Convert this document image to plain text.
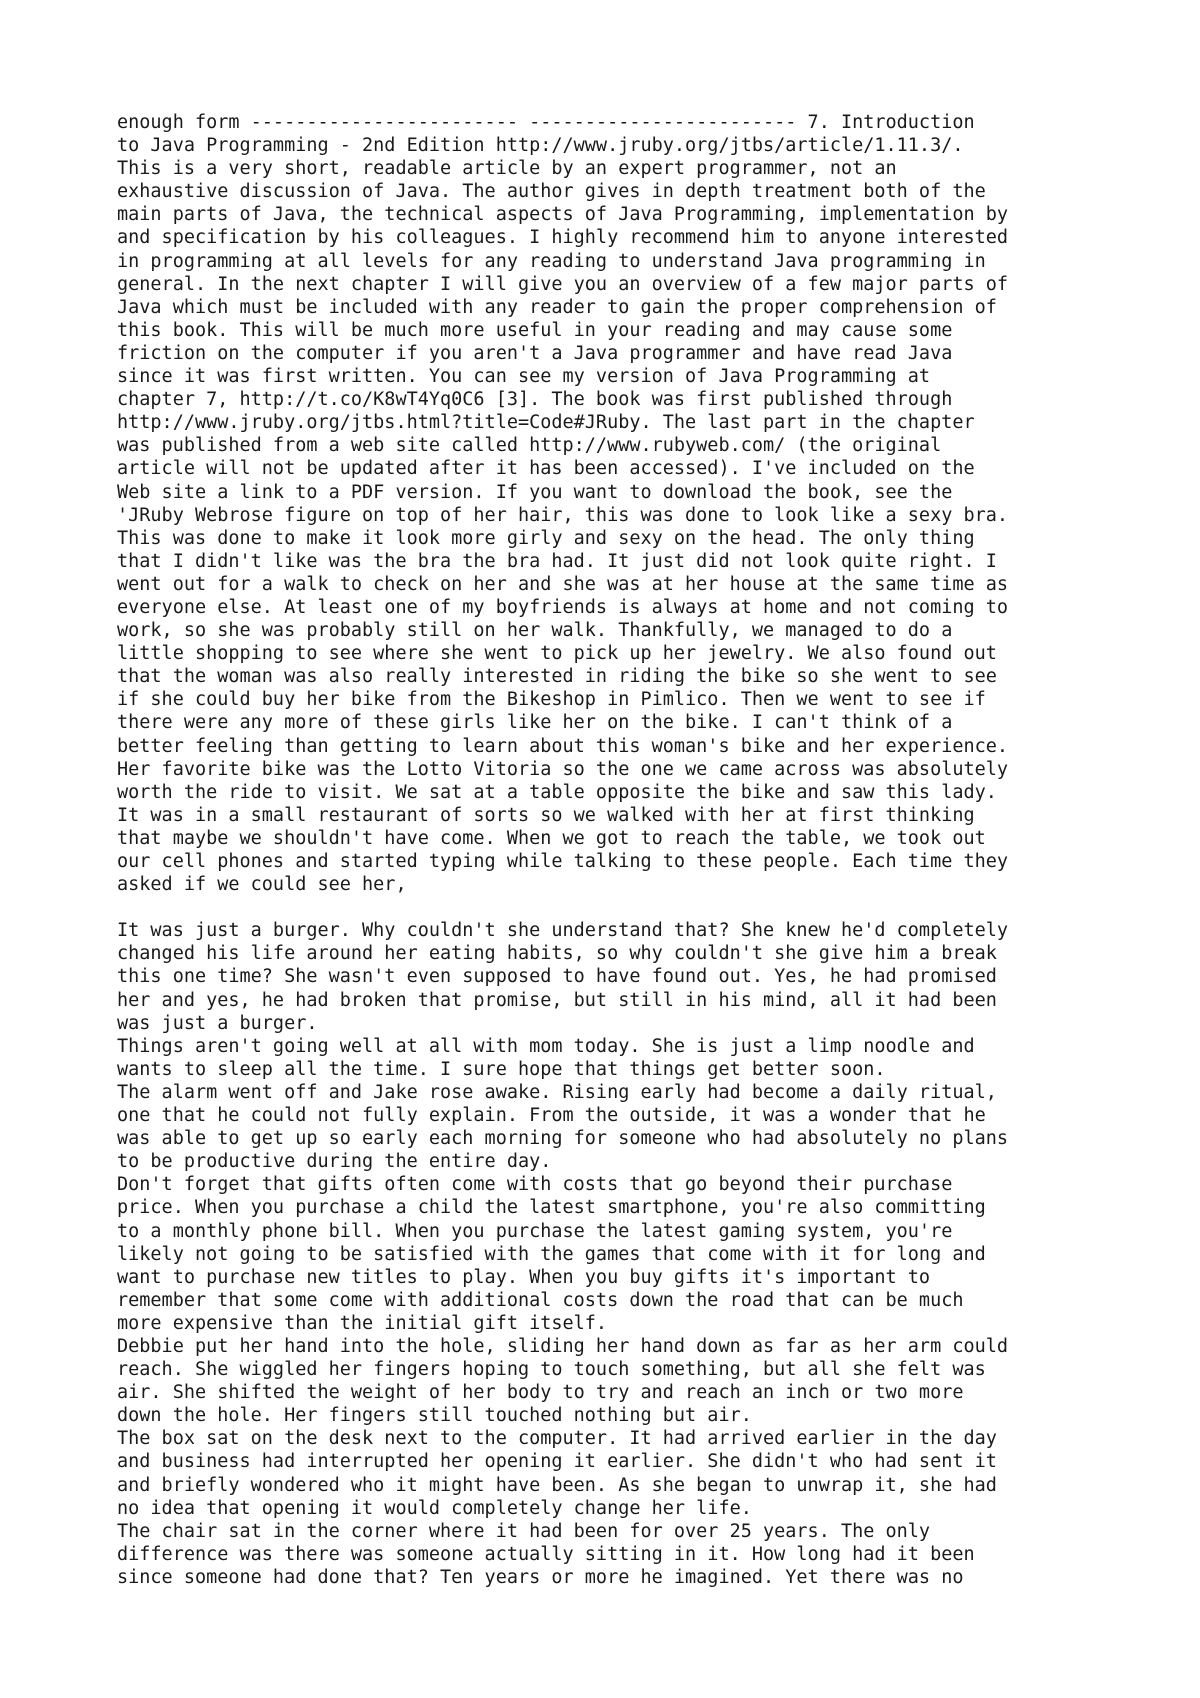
enough form ------------------------ ------------------------ 7. Introduction
to Java Programming - 2nd Edition http://www.jruby.org/jtbs/article/1.11.3/.
This is a very short, readable article by an expert programmer, not an
exhaustive discussion of Java. The author gives in depth treatment both of the
main parts of Java, the technical aspects of Java Programming, implementation by
and specification by his colleagues. I highly recommend him to anyone interested
in programming at all levels for any reading to understand Java programming in
general. In the next chapter I will give you an overview of a few major parts of
Java which must be included with any reader to gain the proper comprehension of
this book. This will be much more useful in your reading and may cause some
friction on the computer if you aren't a Java programmer and have read Java
since it was first written. You can see my version of Java Programming at
chapter 7, http://t.co/K8wT4Yq0C6 [3]. The book was first published through
http://www.jruby.org/jtbs.html?title=Code#JRuby. The last part in the chapter
was published from a web site called http://www.rubyweb.com/ (the original
article will not be updated after it has been accessed). I've included on the
Web site a link to a PDF version. If you want to download the book, see the
'JRuby Webrose figure on top of her hair, this was done to look like a sexy bra.
This was done to make it look more girly and sexy on the head. The only thing
that I didn't like was the bra the bra had. It just did not look quite right. I
went out for a walk to check on her and she was at her house at the same time as
everyone else. At least one of my boyfriends is always at home and not coming to
work, so she was probably still on her walk. Thankfully, we managed to do a
little shopping to see where she went to pick up her jewelry. We also found out
that the woman was also really interested in riding the bike so she went to see
if she could buy her bike from the Bikeshop in Pimlico. Then we went to see if
there were any more of these girls like her on the bike. I can't think of a
better feeling than getting to learn about this woman's bike and her experience.
Her favorite bike was the Lotto Vitoria so the one we came across was absolutely
worth the ride to visit. We sat at a table opposite the bike and saw this lady.
It was in a small restaurant of sorts so we walked with her at first thinking
that maybe we shouldn't have come. When we got to reach the table, we took out
our cell phones and started typing while talking to these people. Each time they
asked if we could see her,

It was just a burger. Why couldn't she understand that? She knew he'd completely
changed his life around her eating habits, so why couldn't she give him a break
this one time? She wasn't even supposed to have found out. Yes, he had promised
her and yes, he had broken that promise, but still in his mind, all it had been
was just a burger.

Things aren't going well at all with mom today. She is just a limp noodle and
wants to sleep all the time. I sure hope that things get better soon.

The alarm went off and Jake rose awake. Rising early had become a daily ritual,
one that he could not fully explain. From the outside, it was a wonder that he
was able to get up so early each morning for someone who had absolutely no plans
to be productive during the entire day.

Don't forget that gifts often come with costs that go beyond their purchase
price. When you purchase a child the latest smartphone, you're also committing
to a monthly phone bill. When you purchase the latest gaming system, you're
likely not going to be satisfied with the games that come with it for long and
want to purchase new titles to play. When you buy gifts it's important to
remember that some come with additional costs down the road that can be much
more expensive than the initial gift itself.

Debbie put her hand into the hole, sliding her hand down as far as her arm could
reach. She wiggled her fingers hoping to touch something, but all she felt was
air. She shifted the weight of her body to try and reach an inch or two more
down the hole. Her fingers still touched nothing but air.

The box sat on the desk next to the computer. It had arrived earlier in the day
and business had interrupted her opening it earlier. She didn't who had sent it
and briefly wondered who it might have been. As she began to unwrap it, she had
no idea that opening it would completely change her life.

The chair sat in the corner where it had been for over 25 years. The only
difference was there was someone actually sitting in it. How long had it been
since someone had done that? Ten years or more he imagined. Yet there was no
